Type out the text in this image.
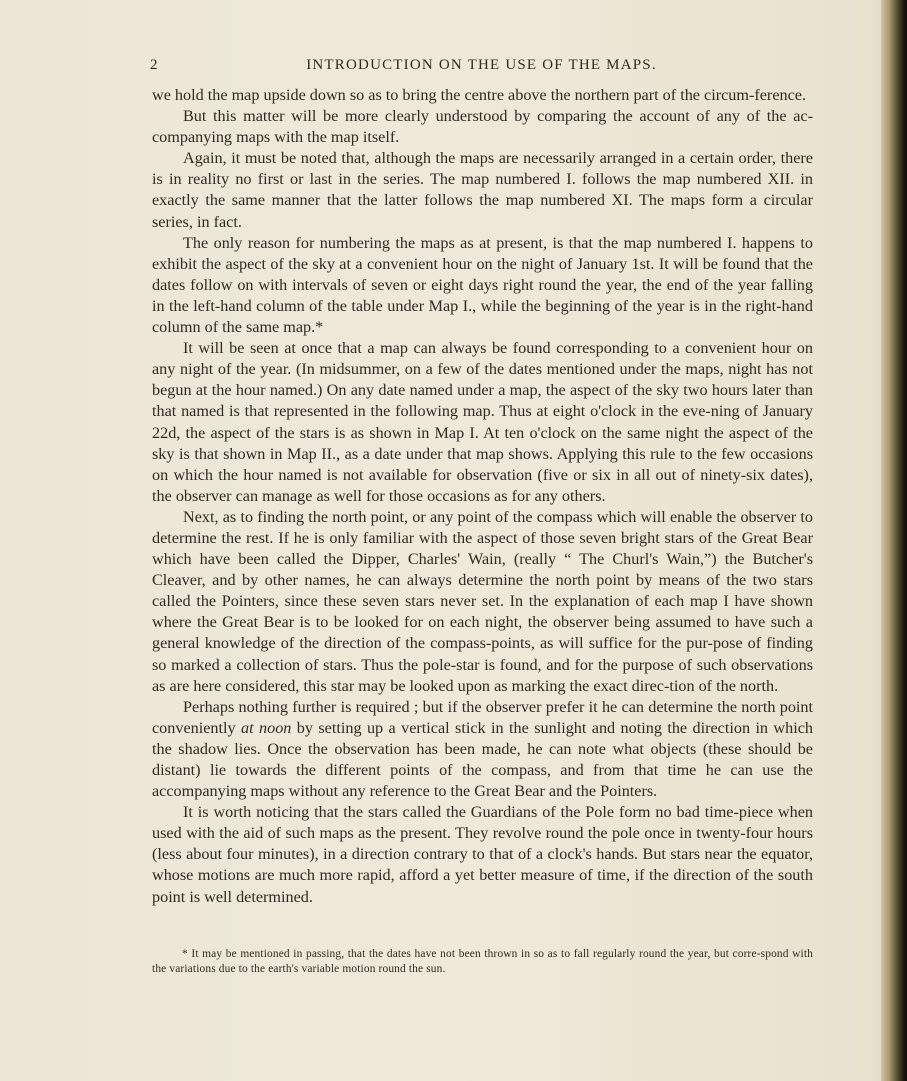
2	INTRODUCTION ON THE USE OF THE MAPS.

we hold the map upside down so as to bring the centre above the northern part of the circum-ference.

But this matter will be more clearly understood by comparing the account of any of the ac-companying maps with the map itself.

Again, it must be noted that, although the maps are necessarily arranged in a certain order, there is in reality no first or last in the series. The map numbered I. follows the map numbered XII. in exactly the same manner that the latter follows the map numbered XI. The maps form a circular series, in fact.

The only reason for numbering the maps as at present, is that the map numbered I. happens to exhibit the aspect of the sky at a convenient hour on the night of January 1st. It will be found that the dates follow on with intervals of seven or eight days right round the year, the end of the year falling in the left-hand column of the table under Map I., while the beginning of the year is in the right-hand column of the same map.*

It will be seen at once that a map can always be found corresponding to a convenient hour on any night of the year. (In midsummer, on a few of the dates mentioned under the maps, night has not begun at the hour named.) On any date named under a map, the aspect of the sky two hours later than that named is that represented in the following map. Thus at eight o'clock in the eve-ning of January 22d, the aspect of the stars is as shown in Map I. At ten o'clock on the same night the aspect of the sky is that shown in Map II., as a date under that map shows. Applying this rule to the few occasions on which the hour named is not available for observation (five or six in all out of ninety-six dates), the observer can manage as well for those occasions as for any others.

Next, as to finding the north point, or any point of the compass which will enable the observer to determine the rest. If he is only familiar with the aspect of those seven bright stars of the Great Bear which have been called the Dipper, Charles' Wain, (really “ The Churl's Wain,”) the Butcher's Cleaver, and by other names, he can always determine the north point by means of the two stars called the Pointers, since these seven stars never set. In the explanation of each map I have shown where the Great Bear is to be looked for on each night, the observer being assumed to have such a general knowledge of the direction of the compass-points, as will suffice for the pur-pose of finding so marked a collection of stars. Thus the pole-star is found, and for the purpose of such observations as are here considered, this star may be looked upon as marking the exact direc-tion of the north.

Perhaps nothing further is required ; but if the observer prefer it he can determine the north point conveniently at noon by setting up a vertical stick in the sunlight and noting the direction in which the shadow lies. Once the observation has been made, he can note what objects (these should be distant) lie towards the different points of the compass, and from that time he can use the accompanying maps without any reference to the Great Bear and the Pointers.

It is worth noticing that the stars called the Guardians of the Pole form no bad time-piece when used with the aid of such maps as the present. They revolve round the pole once in twenty-four hours (less about four minutes), in a direction contrary to that of a clock's hands. But stars near the equator, whose motions are much more rapid, afford a yet better measure of time, if the direction of the south point is well determined.

* It may be mentioned in passing, that the dates have not been thrown in so as to fall regularly round the year, but corre-spond with the variations due to the earth's variable motion round the sun.
